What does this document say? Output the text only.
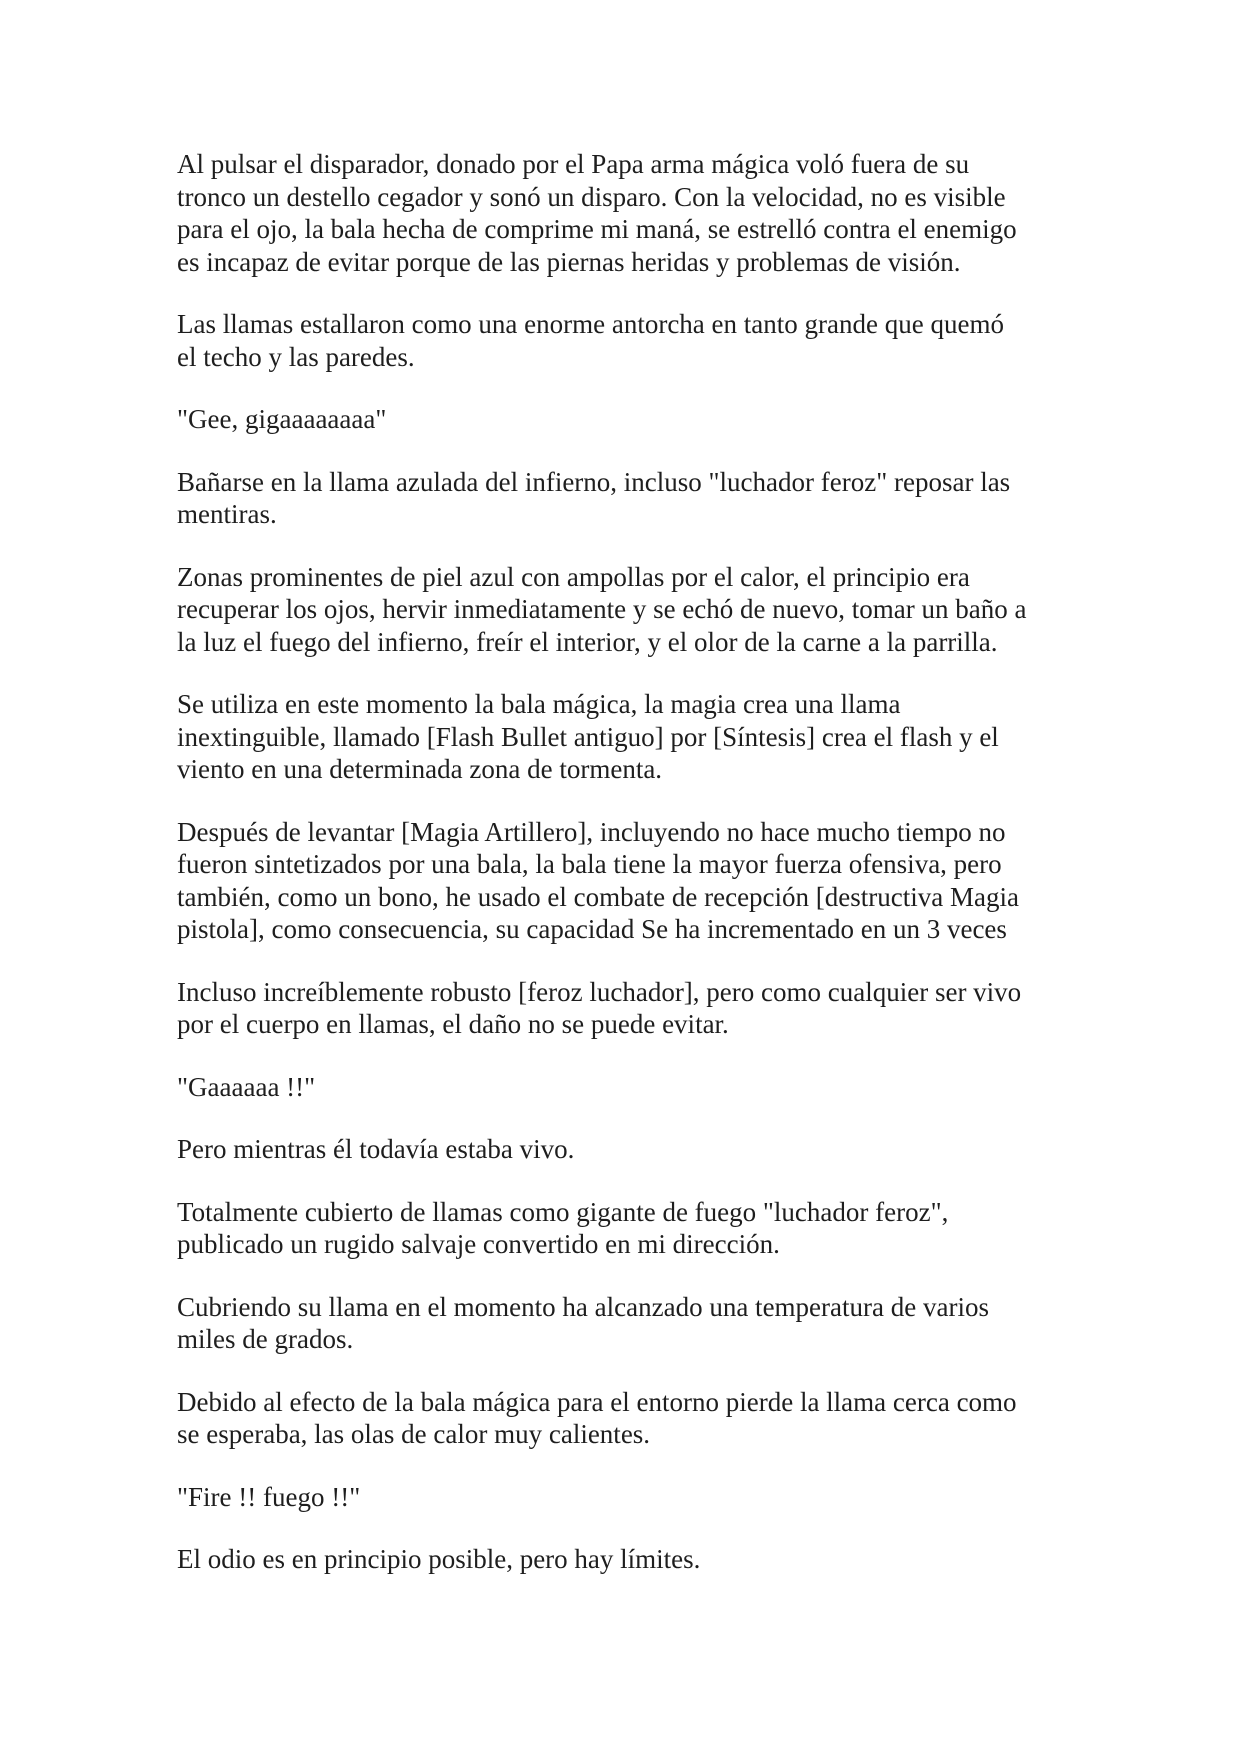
Al pulsar el disparador, donado por el Papa arma mágica voló fuera de su
tronco un destello cegador y sonó un disparo. Con la velocidad, no es visible
para el ojo, la bala hecha de comprime mi maná, se estrelló contra el enemigo
es incapaz de evitar porque de las piernas heridas y problemas de visión.

Las llamas estallaron como una enorme antorcha en tanto grande que quemó
el techo y las paredes.

"Gee, gigaaaaaaaa"

Bañarse en la llama azulada del infierno, incluso "luchador feroz" reposar las
mentiras.

Zonas prominentes de piel azul con ampollas por el calor, el principio era
recuperar los ojos, hervir inmediatamente y se echó de nuevo, tomar un baño a
la luz el fuego del infierno, freír el interior, y el olor de la carne a la parrilla.

Se utiliza en este momento la bala mágica, la magia crea una llama
inextinguible, llamado [Flash Bullet antiguo] por [Síntesis] crea el flash y el
viento en una determinada zona de tormenta.

Después de levantar [Magia Artillero], incluyendo no hace mucho tiempo no
fueron sintetizados por una bala, la bala tiene la mayor fuerza ofensiva, pero
también, como un bono, he usado el combate de recepción [destructiva Magia
pistola], como consecuencia, su capacidad Se ha incrementado en un 3 veces

Incluso increíblemente robusto [feroz luchador], pero como cualquier ser vivo
por el cuerpo en llamas, el daño no se puede evitar.

"Gaaaaaa !!"

Pero mientras él todavía estaba vivo.

Totalmente cubierto de llamas como gigante de fuego "luchador feroz",
publicado un rugido salvaje convertido en mi dirección.

Cubriendo su llama en el momento ha alcanzado una temperatura de varios
miles de grados.

Debido al efecto de la bala mágica para el entorno pierde la llama cerca como
se esperaba, las olas de calor muy calientes.

"Fire !! fuego !!"

El odio es en principio posible, pero hay límites.
